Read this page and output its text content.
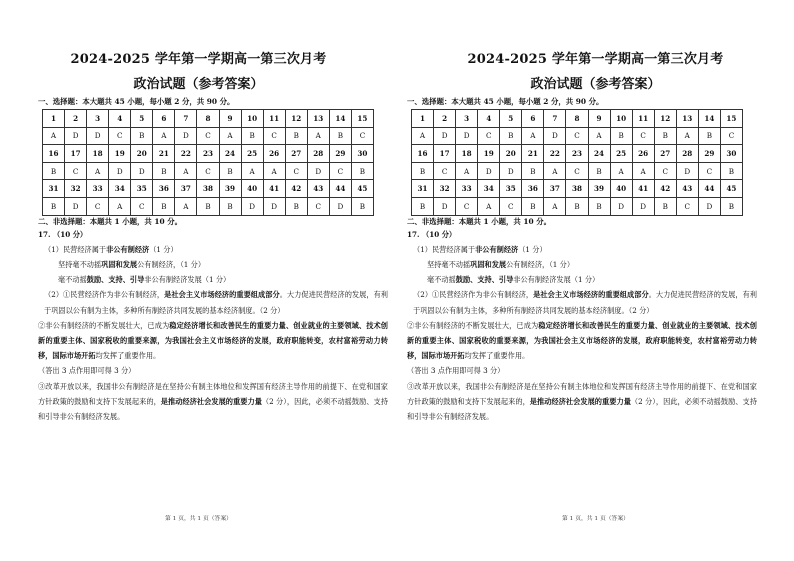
2024-2025 学年第一学期高一第三次月考
政治试题（参考答案）
一、选择题：本大题共 45 小题，每小题 2 分，共 90 分。
1	2	3	4	5	6	7	8	9	10	11	12	13	14	15
A	D	D	C	B	A	D	C	A	B	C	B	A	B	C
16	17	18	19	20	21	22	23	24	25	26	27	28	29	30
B	C	A	D	D	B	A	C	B	A	A	C	D	C	B
31	32	33	34	35	36	37	38	39	40	41	42	43	44	45
B	D	C	A	C	B	A	B	B	D	D	B	C	D	B
二、非选择题：本题共 1 小题，共 10 分。
17. （10 分）
（1）民营经济属于非公有制经济（1 分）
坚持毫不动摇巩固和发展公有制经济，（1 分）
毫不动摇鼓励、支持、引导非公有制经济发展（1 分）
（2）①民营经济作为非公有制经济，是社会主义市场经济的重要组成部分。大力促进民营经济的发展，有利于巩固以公有制为主体，多种所有制经济共同发展的基本经济制度。（2 分）
②非公有制经济的不断发展壮大，已成为稳定经济增长和改善民生的重要力量、创业就业的主要领域、技术创新的重要主体、国家税收的重要来源，为我国社会主义市场经济的发展，政府职能转变，农村富裕劳动力转移，国际市场开拓均发挥了重要作用。
（答出 3 点作用即可得 3 分）
③改革开放以来，我国非公有制经济是在坚持公有制主体地位和发挥国有经济主导作用的前提下、在党和国家方针政策的鼓励和支持下发展起来的，是推动经济社会发展的重要力量（2 分），因此，必须不动摇鼓励、支持和引导非公有制经济发展。
第 1 页，共 1 页（答案）
2024-2025 学年第一学期高一第三次月考
政治试题（参考答案）
一、选择题：本大题共 45 小题，每小题 2 分，共 90 分。
1	2	3	4	5	6	7	8	9	10	11	12	13	14	15
A	D	D	C	B	A	D	C	A	B	C	B	A	B	C
16	17	18	19	20	21	22	23	24	25	26	27	28	29	30
B	C	A	D	D	B	A	C	B	A	A	C	D	C	B
31	32	33	34	35	36	37	38	39	40	41	42	43	44	45
B	D	C	A	C	B	A	B	B	D	D	B	C	D	B
二、非选择题：本题共 1 小题，共 10 分。
17. （10 分）
（1）民营经济属于非公有制经济（1 分）
坚持毫不动摇巩固和发展公有制经济，（1 分）
毫不动摇鼓励、支持、引导非公有制经济发展（1 分）
（2）①民营经济作为非公有制经济，是社会主义市场经济的重要组成部分。大力促进民营经济的发展，有利于巩固以公有制为主体，多种所有制经济共同发展的基本经济制度。（2 分）
②非公有制经济的不断发展壮大，已成为稳定经济增长和改善民生的重要力量、创业就业的主要领域、技术创新的重要主体、国家税收的重要来源，为我国社会主义市场经济的发展，政府职能转变，农村富裕劳动力转移，国际市场开拓均发挥了重要作用。
（答出 3 点作用即可得 3 分）
③改革开放以来，我国非公有制经济是在坚持公有制主体地位和发挥国有经济主导作用的前提下、在党和国家方针政策的鼓励和支持下发展起来的，是推动经济社会发展的重要力量（2 分），因此，必须不动摇鼓励、支持和引导非公有制经济发展。
第 1 页，共 1 页（答案）
